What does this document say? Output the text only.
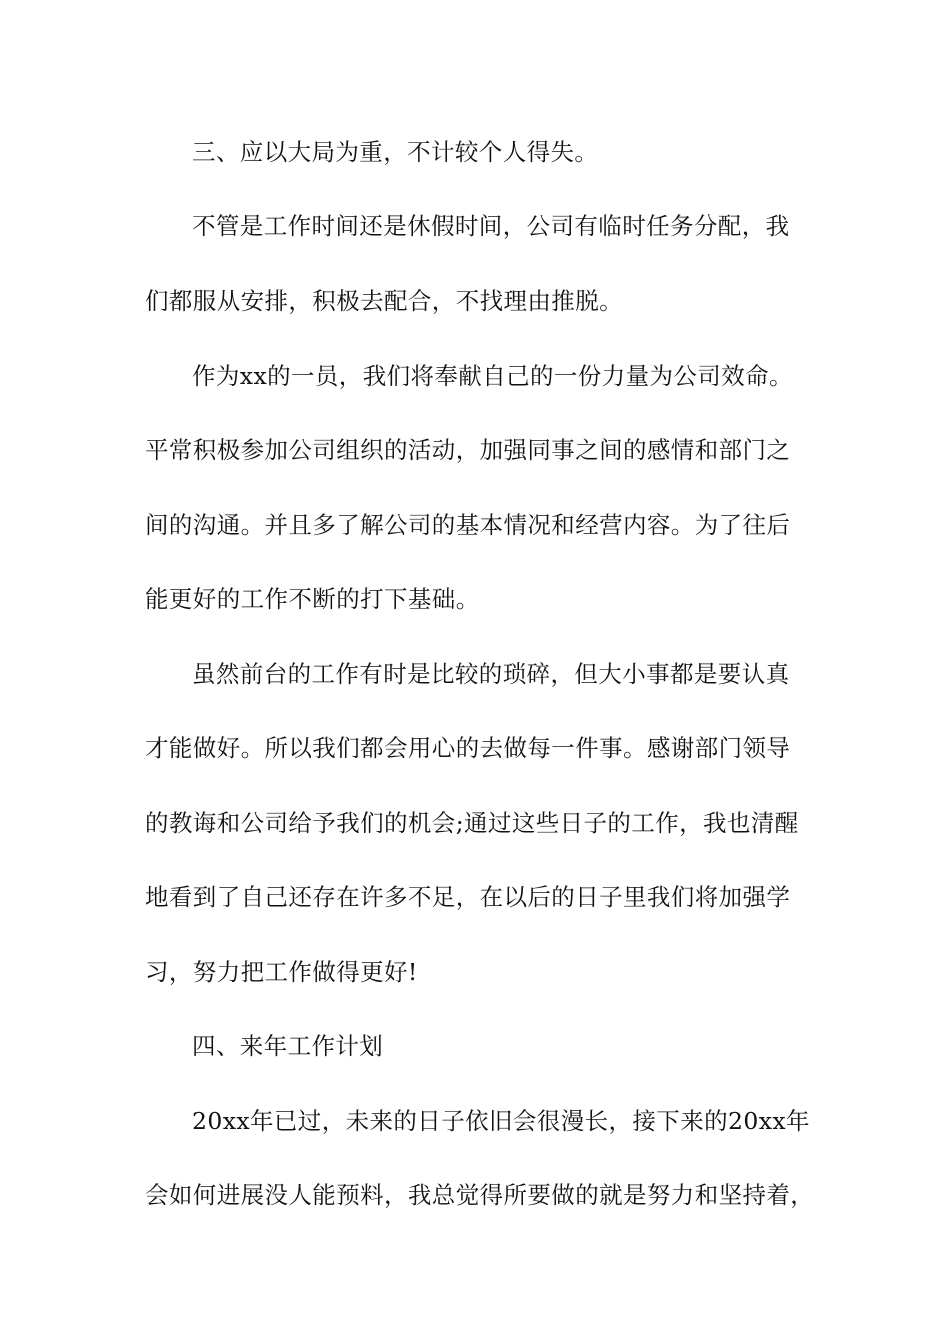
三、应以大局为重，不计较个人得失。

不管是工作时间还是休假时间，公司有临时任务分配，我

们都服从安排，积极去配合，不找理由推脱。

作为xx的一员，我们将奉献自己的一份力量为公司效命。

平常积极参加公司组织的活动，加强同事之间的感情和部门之

间的沟通。并且多了解公司的基本情况和经营内容。为了往后

能更好的工作不断的打下基础。

虽然前台的工作有时是比较的琐碎，但大小事都是要认真

才能做好。所以我们都会用心的去做每一件事。感谢部门领导

的教诲和公司给予我们的机会;通过这些日子的工作，我也清醒

地看到了自己还存在许多不足，在以后的日子里我们将加强学

习，努力把工作做得更好!

四、来年工作计划

20xx年已过，未来的日子依旧会很漫长，接下来的20xx年

会如何进展没人能预料，我总觉得所要做的就是努力和坚持着，
